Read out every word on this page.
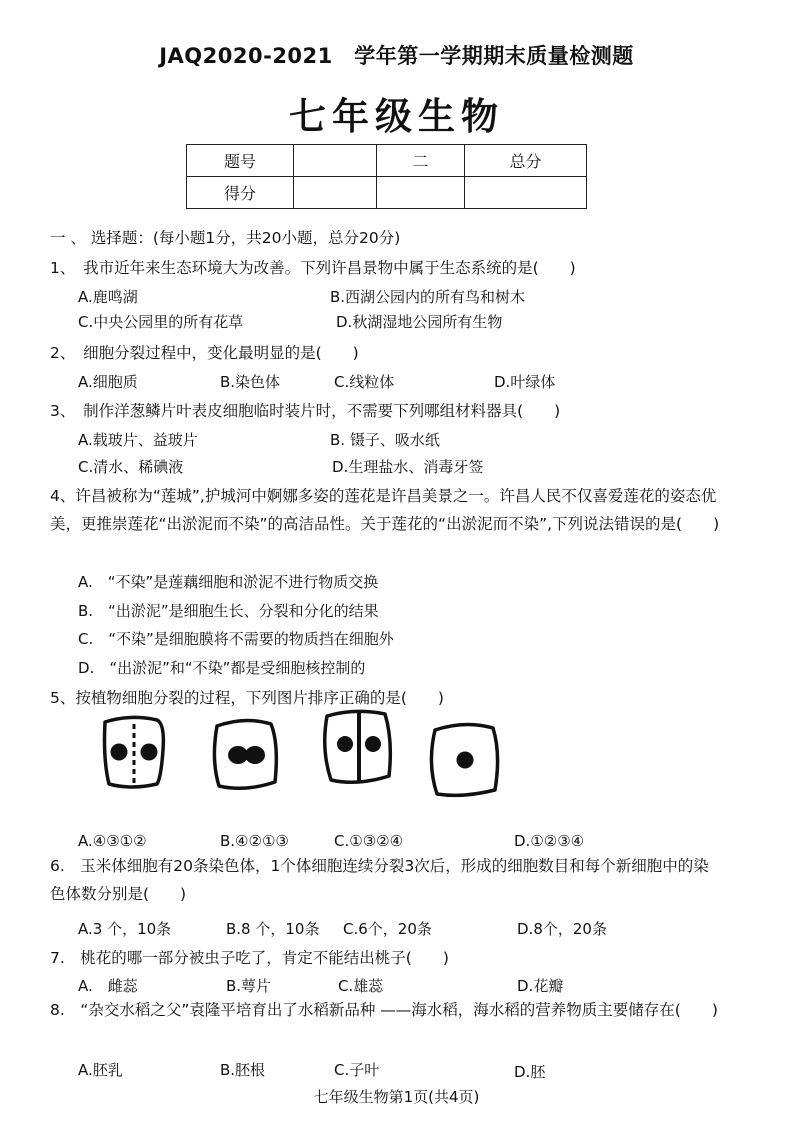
JAQ2020-2021　学年第一学期期末质量检测题
七年级生物
题号		二	总分
得分			
一 、 选择题：(每小题1分，共20小题，总分20分)
1、　我市近年来生态环境大为改善。下列许昌景物中属于生态系统的是(　　)
A.鹿鸣湖	B.西湖公园内的所有鸟和树木
C.中央公园里的所有花草	D.秋湖湿地公园所有生物
2、　细胞分裂过程中，变化最明显的是(　　)
A.细胞质	B.染色体	C.线粒体	D.叶绿体
3、　制作洋葱鳞片叶表皮细胞临时装片时，不需要下列哪组材料器具(　　)
A.载玻片、益玻片	B. 镊子、吸水纸
C.清水、稀碘液	D.生理盐水、消毒牙签
4、许昌被称为“莲城”,护城河中婀娜多姿的莲花是许昌美景之一。许昌人民不仅喜爱莲花的姿态优美，更推崇莲花“出淤泥而不染”的高洁品性。关于莲花的“出淤泥而不染”,下列说法错误的是(　　)
A.　“不染”是莲藕细胞和淤泥不进行物质交换
B.　“出淤泥”是细胞生长、分裂和分化的结果
C.　“不染”是细胞膜将不需要的物质挡在细胞外
D.　“出淤泥”和“不染”都是受细胞核控制的
5、按植物细胞分裂的过程，下列图片排序正确的是(　　)
A.④③①②	B.④②①③	C.①③②④	D.①②③④
6.　玉米体细胞有20条染色体，1个体细胞连续分裂3次后，形成的细胞数目和每个新细胞中的染色体数分别是(　　)
A.3 个，10条	B.8 个，10条 C.6个，20条	D.8个，20条
7.　桃花的哪一部分被虫子吃了，肯定不能结出桃子(　　)
A.　雌蕊	B.萼片	C.雄蕊	D.花瓣
8.　“杂交水稻之父”袁隆平培育出了水稻新品种 ——海水稻，海水稻的营养物质主要储存在(　　)
A.胚乳	B.胚根	C.子叶	D.胚
七年级生物第1页(共4页)
